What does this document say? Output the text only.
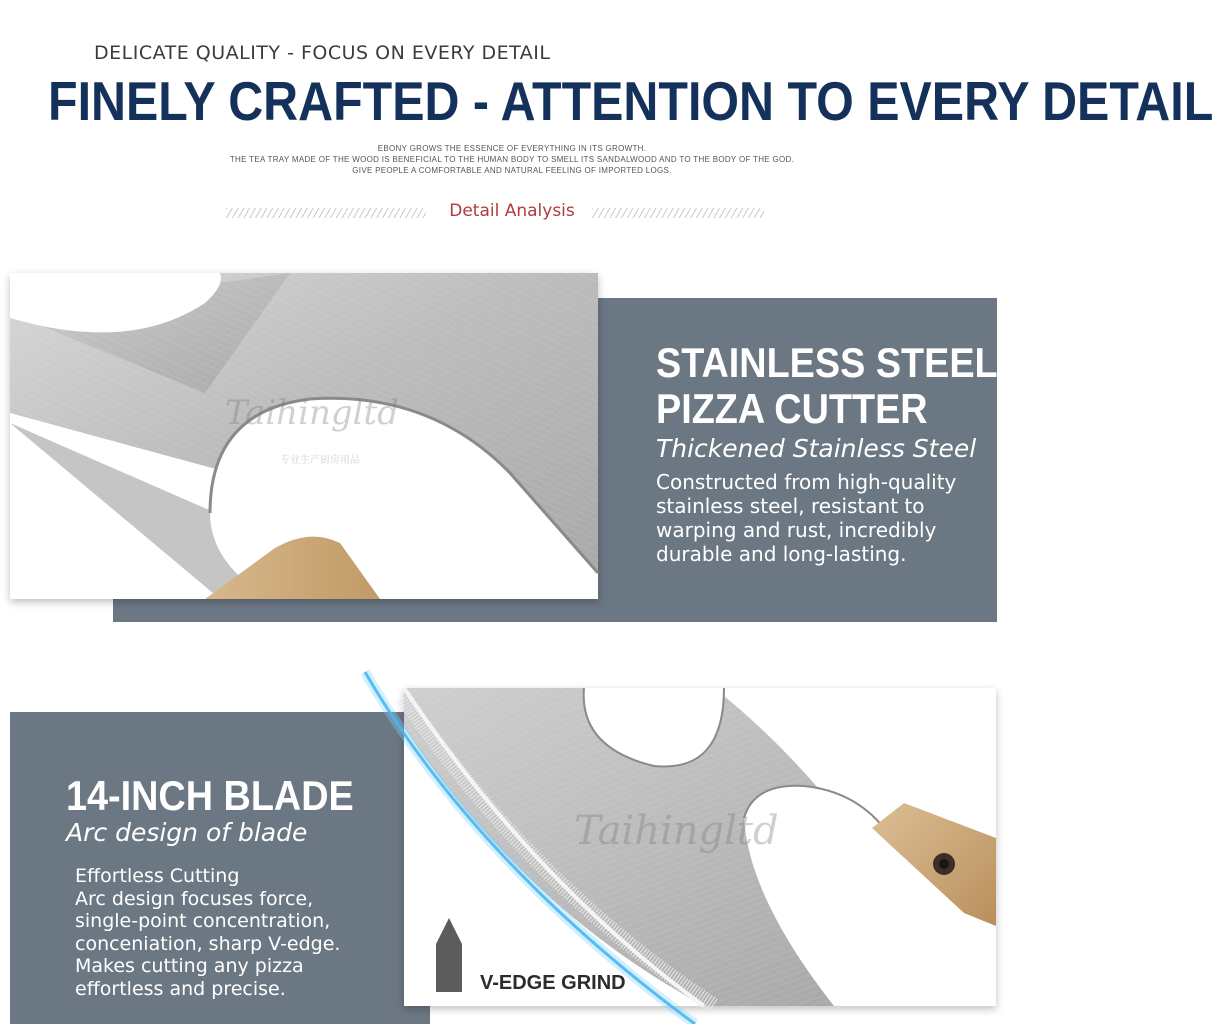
DELICATE QUALITY - FOCUS ON EVERY DETAIL
FINELY CRAFTED - ATTENTION TO EVERY DETAIL
EBONY GROWS THE ESSENCE OF EVERYTHING IN ITS GROWTH.
THE TEA TRAY MADE OF THE WOOD IS BENEFICIAL TO THE HUMAN BODY TO SMELL ITS SANDALWOOD AND TO THE BODY OF THE GOD.
GIVE PEOPLE A COMFORTABLE AND NATURAL FEELING OF IMPORTED LOGS.
Detail Analysis
Taihingltd
专业生产厨房用品
STAINLESS STEEL
PIZZA CUTTER
Thickened Stainless Steel
Constructed from high-quality stainless steel, resistant to warping and rust, incredibly durable and long-lasting.
Taihingltd
14-INCH BLADE
Arc design of blade
Effortless Cutting
Arc design focuses force,
single-point concentration,
conceniation, sharp V-edge.
Makes cutting any pizza
effortless and precise.	V-EDGE GRIND
